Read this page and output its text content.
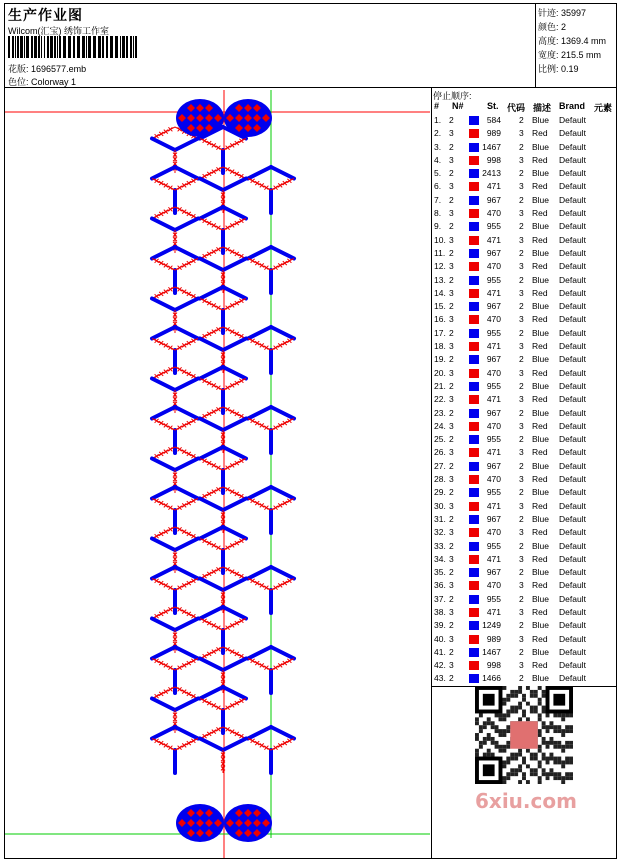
生产作业图
Wilcom(汇宝) 绣饰工作室
花版: 1696577.emb
色位: Colorway 1
针迹: 35997
颜色: 2
高度: 1369.4 mm
宽度: 215.5 mm
比例: 0.19
停止顺序:
# N#	St. 代码 描述 Brand 元素
1. 2	584 2 Blue Default
2. 3	989 3 Red Default
3. 2	1467 2 Blue Default
4. 3	998 3 Red Default
5. 2	2413 2 Blue Default
6. 3	471 3 Red Default
7. 2	967 2 Blue Default
8. 3	470 3 Red Default
9. 2	955 2 Blue Default
10. 3	471 3 Red Default
11. 2	967 2 Blue Default
12. 3	470 3 Red Default
13. 2	955 2 Blue Default
14. 3	471 3 Red Default
15. 2	967 2 Blue Default
16. 3	470 3 Red Default
17. 2	955 2 Blue Default
18. 3	471 3 Red Default
19. 2	967 2 Blue Default
20. 3	470 3 Red Default
21. 2	955 2 Blue Default
22. 3	471 3 Red Default
23. 2	967 2 Blue Default
24. 3	470 3 Red Default
25. 2	955 2 Blue Default
26. 3	471 3 Red Default
27. 2	967 2 Blue Default
28. 3	470 3 Red Default
29. 2	955 2 Blue Default
30. 3	471 3 Red Default
31. 2	967 2 Blue Default
32. 3	470 3 Red Default
33. 2	955 2 Blue Default
34. 3	471 3 Red Default
35. 2	967 2 Blue Default
36. 3	470 3 Red Default
37. 2	955 2 Blue Default
38. 3	471 3 Red Default
39. 2	1249 2 Blue Default
40. 3	989 3 Red Default
41. 2	1467 2 Blue Default
42. 3	998 3 Red Default
43. 2	1466 2 Blue Default
6xiu.com
